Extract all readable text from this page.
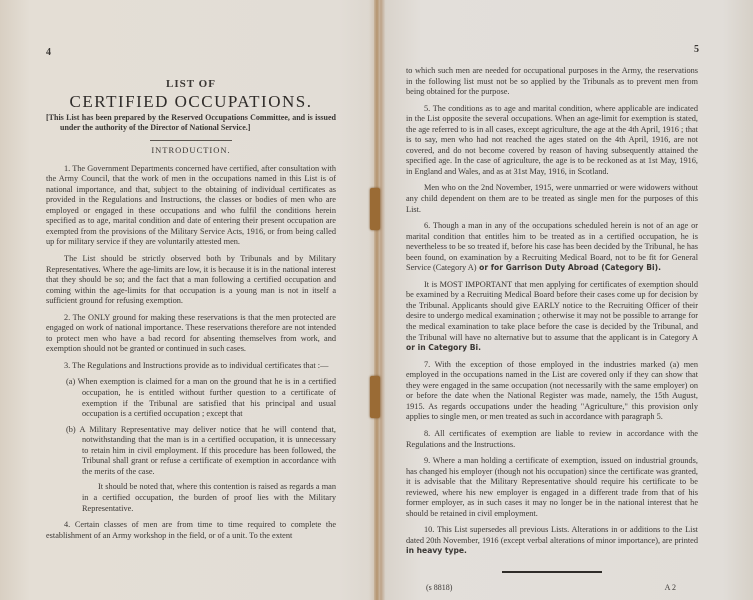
4
LIST OF
CERTIFIED OCCUPATIONS.
[This List has been prepared by the Reserved Occupations Committee, and is issued under the authority of the Director of National Service.]
INTRODUCTION.

1. The Government Departments concerned have certified, after consultation with the Army Council, that the work of men in the occupations named in this List is of national importance, and that, subject to the obtaining of individual certificates as provided in the Regulations and Instructions, the classes or bodies of men who are employed or engaged in these occupations and who fulfil the conditions herein specified as to age, marital condition and date of entering their present occupation are exempted from the provisions of the Military Service Acts, 1916, or from being called up for military service if they are voluntarily attested men.

The List should be strictly observed both by Tribunals and by Military Representatives. Where the age-limits are low, it is because it is in the national interest that they should be so; and the fact that a man following a certified occupation and coming within the age-limits for that occupation is a young man is not in itself a sufficient ground for refusing exemption.

2. The ONLY ground for making these reservations is that the men protected are engaged on work of national importance. These reservations therefore are not intended to protect men who have a bad record for absenting themselves from work, and exemption should not be granted or continued in such cases.

3. The Regulations and Instructions provide as to individual certificates that :—

(a) When exemption is claimed for a man on the ground that he is in a certified occupation, he is entitled without further question to a certificate of exemption if the Tribunal are satisfied that his principal and usual occupation is a certified occupation ; except that

(b) A Military Representative may deliver notice that he will contend that, notwithstanding that the man is in a certified occupation, it is unnecessary to retain him in civil employment. If this procedure has been followed, the Tribunal shall grant or refuse a certificate of exemption in accordance with the merits of the case.

It should be noted that, where this contention is raised as regards a man in a certified occupation, the burden of proof lies with the Military Representative.

4. Certain classes of men are from time to time required to complete the establishment of an Army workshop in the field, or of a unit. To the extent

5

to which such men are needed for occupational purposes in the Army, the reservations in the following list must not be so applied by the Tribunals as to prevent men from being obtained for the purpose.

5. The conditions as to age and marital condition, where applicable are indicated in the List opposite the several occupations. When an age-limit for exemption is stated, the age referred to is in all cases, except agriculture, the age at the 4th April, 1916 ; that is to say, men who had not reached the ages stated on the 4th April, 1916, are not covered, and do not become covered by reason of having subsequently attained the specified age. In the case of agriculture, the age is to be reckoned as at 1st May, 1916, in England and Wales, and as at 31st May, 1916, in Scotland.

Men who on the 2nd November, 1915, were unmarried or were widowers without any child dependent on them are to be treated as single men for the purposes of this List.

6. Though a man in any of the occupations scheduled herein is not of an age or marital condition that entitles him to be treated as in a certified occupation, he is nevertheless to be so treated if, before his case has been decided by the Tribunal, he has been found, on examination by a Recruiting Medical Board, not to be fit for General Service (Category A) or for Garrison Duty Abroad (Category Bi).

It is MOST IMPORTANT that men applying for certificates of exemption should be examined by a Recruiting Medical Board before their cases come up for decision by the Tribunal. Applicants should give EARLY notice to the Recruiting Officer of their desire to undergo medical examination ; otherwise it may not be possible to arrange for the medical examination to take place before the case is decided by the Tribunal, and the Tribunal will have no alternative but to assume that the applicant is in Category A or in Category Bi.

7. With the exception of those employed in the industries marked (a) men employed in the occupations named in the List are covered only if they can show that they were engaged in the same occupation (not necessarily with the same employer) on or before the date when the National Register was made, namely, the 15th August, 1915. As regards occupations under the heading "Agriculture," this provision only applies to single men, or men treated as such in accordance with paragraph 5.

8. All certificates of exemption are liable to review in accordance with the Regulations and the Instructions.

9. Where a man holding a certificate of exemption, issued on industrial grounds, has changed his employer (though not his occupation) since the certificate was granted, it is advisable that the Military Representative should require his certificate to be reviewed, where his new employer is engaged in a different trade from that of his former employer, as in such cases it may no longer be in the national interest that he should be retained in civil employment.

10. This List supersedes all previous Lists. Alterations in or additions to the List dated 20th November, 1916 (except verbal alterations of minor importance), are printed in heavy type.

(s 8818)	A 2
